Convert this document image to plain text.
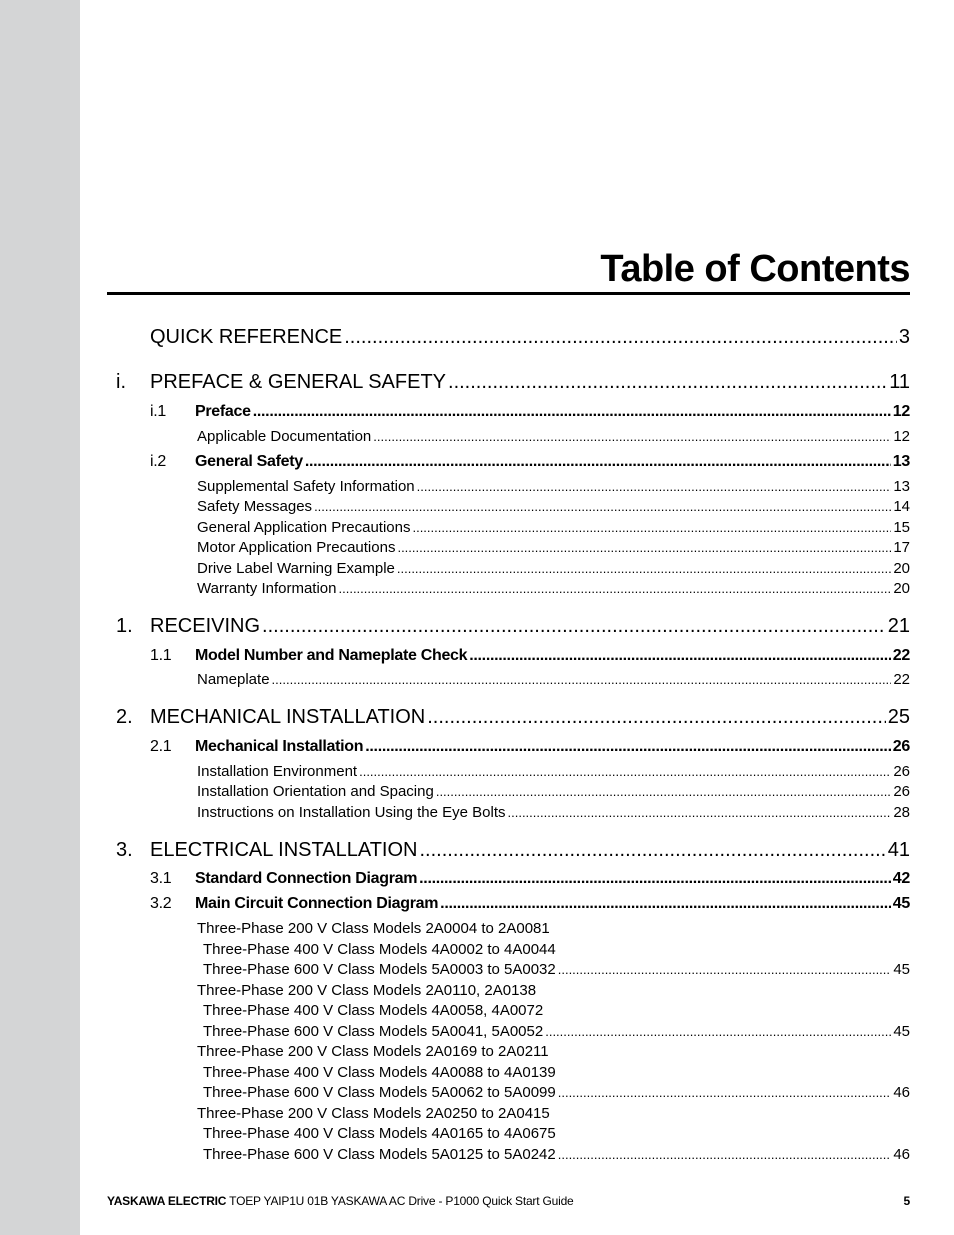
Table of Contents
QUICK REFERENCE .....	3
i. PREFACE & GENERAL SAFETY .....	11
i.1 Preface .....	12
Applicable Documentation .....	12
i.2 General Safety .....	13
Supplemental Safety Information .....	13
Safety Messages .....	14
General Application Precautions .....	15
Motor Application Precautions .....	17
Drive Label Warning Example .....	20
Warranty Information .....	20
1. RECEIVING .....	21
1.1 Model Number and Nameplate Check .....	22
Nameplate .....	22
2. MECHANICAL INSTALLATION .....	25
2.1 Mechanical Installation .....	26
Installation Environment .....	26
Installation Orientation and Spacing .....	26
Instructions on Installation Using the Eye Bolts .....	28
3. ELECTRICAL INSTALLATION .....	41
3.1 Standard Connection Diagram .....	42
3.2 Main Circuit Connection Diagram .....	45
Three-Phase 200 V Class Models 2A0004 to 2A0081
Three-Phase 400 V Class Models 4A0002 to 4A0044
Three-Phase 600 V Class Models 5A0003 to 5A0032 .....	45
Three-Phase 200 V Class Models 2A0110, 2A0138
Three-Phase 400 V Class Models 4A0058, 4A0072
Three-Phase 600 V Class Models 5A0041, 5A0052 .....	45
Three-Phase 200 V Class Models 2A0169 to 2A0211
Three-Phase 400 V Class Models 4A0088 to 4A0139
Three-Phase 600 V Class Models 5A0062 to 5A0099 .....	46
Three-Phase 200 V Class Models 2A0250 to 2A0415
Three-Phase 400 V Class Models 4A0165 to 4A0675
Three-Phase 600 V Class Models 5A0125 to 5A0242 .....	46
YASKAWA ELECTRIC TOEP YAIP1U 01B YASKAWA AC Drive - P1000 Quick Start Guide	5
